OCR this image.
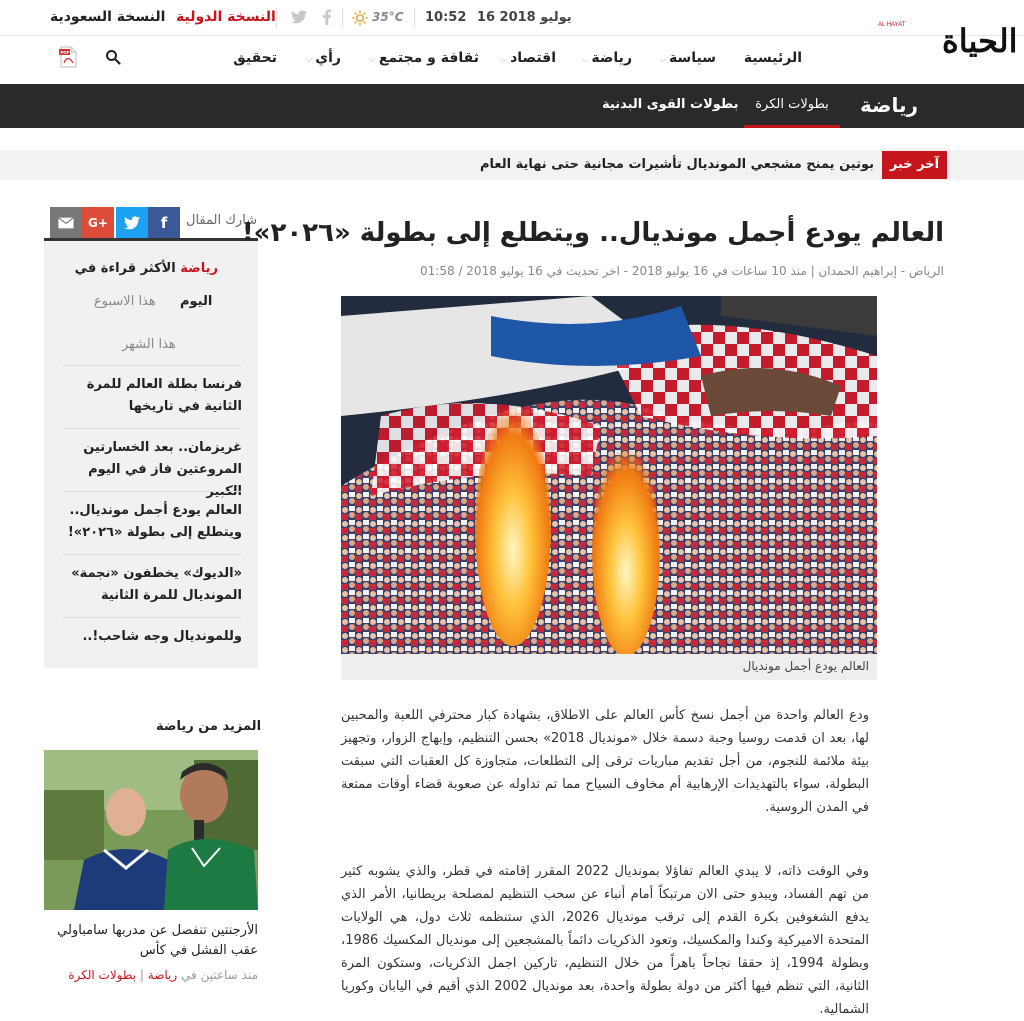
النسخة السعودية النسخة الدولية	35°C 10:52 16 يوليو 2018
الحياة
AL HAYAT
الرئيسية
⌵ سياسة
⌵ رياضة
⌵ اقتصاد
⌵ ثقافة و مجتمع
⌵ رأي
تحقيق
PDF
رياضة
بطولات الكرة
بطولات القوى البدنية
آخر خبر
بوتين يمنح مشجعي المونديال تأشيرات مجانية حتى نهاية العام
شارك المقال
f
G+
رياضة الأكثر قراءة في
اليوم
هذا الاسبوع
هذا الشهر
فرنسا بطلة العالم للمرة الثانية في تاريخها
غريزمان.. بعد الخسارتين المروعتين فاز في اليوم الكبير
العالم يودع أجمل مونديال.. ويتطلع إلى بطولة «٢٠٢٦»!
«الديوك» يخطفون «نجمة» المونديال للمرة الثانية
وللمونديال وجه شاحب!..
المزيد من رياضة
الأرجنتين تنفصل عن مدربها سامباولي عقب الفشل في كأس
منذ ساعتين في رياضة | بطولات الكرة
العالم يودع أجمل مونديال.. ويتطلع إلى بطولة «٢٠٢٦»!
الرياض - إبراهيم الحمدان | منذ 10 ساعات في 16 يوليو 2018 - اخر تحديث في 16 يوليو 2018 / 01:58
العالم يودع أجمل مونديال

ودع العالم واحدة من أجمل نسخ كأس العالم على الاطلاق، بشهادة كبار محترفي اللعبة والمحبين لها، بعد ان قدمت روسيا وجبة دسمة خلال «مونديال 2018» بحسن التنظيم، وإبهاج الزوار، وتجهيز بيئة ملائمة للنجوم، من أجل تقديم مباريات ترقى إلى التطلعات، متجاوزة كل العقبات التي سبقت البطولة، سواء بالتهديدات الإرهابية أم مخاوف السياح مما تم تداوله عن صعوبة قضاء أوقات ممتعة في المدن الروسية.

وفي الوقت ذاته، لا يبدي العالم تفاؤلا بمونديال 2022 المقرر إقامته في قطر، والذي يشوبه كثير من تهم الفساد، ويبدو حتى الان مرتبكاً أمام أنباء عن سحب التنظيم لمصلحة بريطانيا، الأمر الذي يدفع الشغوفين بكرة القدم إلى ترقب مونديال 2026، الذي ستنظمه ثلاث دول، هي الولايات المتحدة الاميركية وكندا والمكسيك، وتعود الذكريات دائماً بالمشجعين إلى مونديال المكسيك 1986، وبطولة 1994، إذ حققا نجاحاً باهراً من خلال التنظيم، تاركين اجمل الذكريات، وستكون المرة الثانية، التي تنظم فيها أكثر من دولة بطولة واحدة، بعد مونديال 2002 الذي أقيم في اليابان وكوريا الشمالية.
